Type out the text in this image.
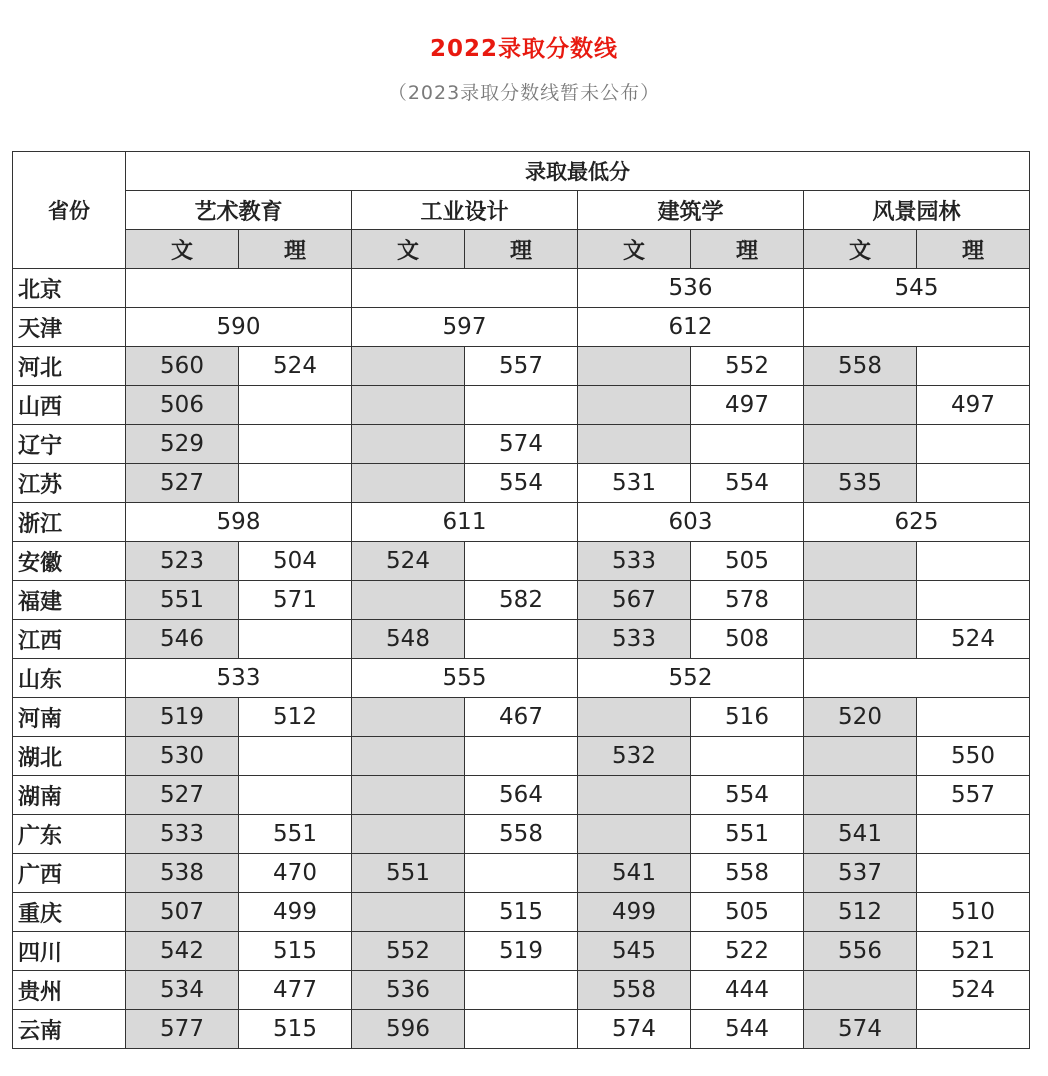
2022录取分数线
（2023录取分数线暂未公布）
省份	录取最低分							
	艺术教育		工业设计		建筑学		风景园林	
	文	理	文	理	文	理	文	理
北京					536		545	
天津	590		597		612			
河北	560	524		557		552	558	
山西	506					497		497
辽宁	529			574				
江苏	527			554	531	554	535	
浙江	598		611		603		625	
安徽	523	504	524		533	505		
福建	551	571		582	567	578		
江西	546		548		533	508		524
山东	533		555		552			
河南	519	512		467		516	520	
湖北	530				532			550
湖南	527			564		554		557
广东	533	551		558		551	541	
广西	538	470	551		541	558	537	
重庆	507	499		515	499	505	512	510
四川	542	515	552	519	545	522	556	521
贵州	534	477	536		558	444		524
云南	577	515	596		574	544	574	
